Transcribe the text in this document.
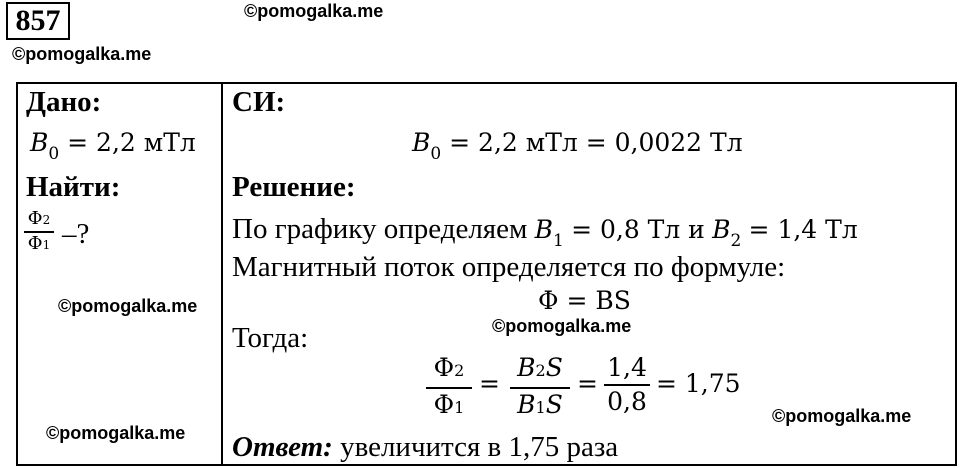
857	©pomogalka.me
©pomogalka.me
Дано:
$B_0 = 2,2$ мТл
Найти:
Φ2
Φ1 –?
©pomogalka.me
©pomogalka.me
СИ:
$B_0 = 2,2$ мТл = 0,0022 Тл
Решение:
По графику определяем $B_1 = 0,8$ Тл и $B_2 = 1,4$ Тл
Магнитный поток определяется по формуле:
Φ = BS
©pomogalka.me
Тогда:
Φ2
Φ1
=
B2S
B1S
=
1,4
0,8
= 1,75
©pomogalka.me
Ответ: увеличится в 1,75 раза
